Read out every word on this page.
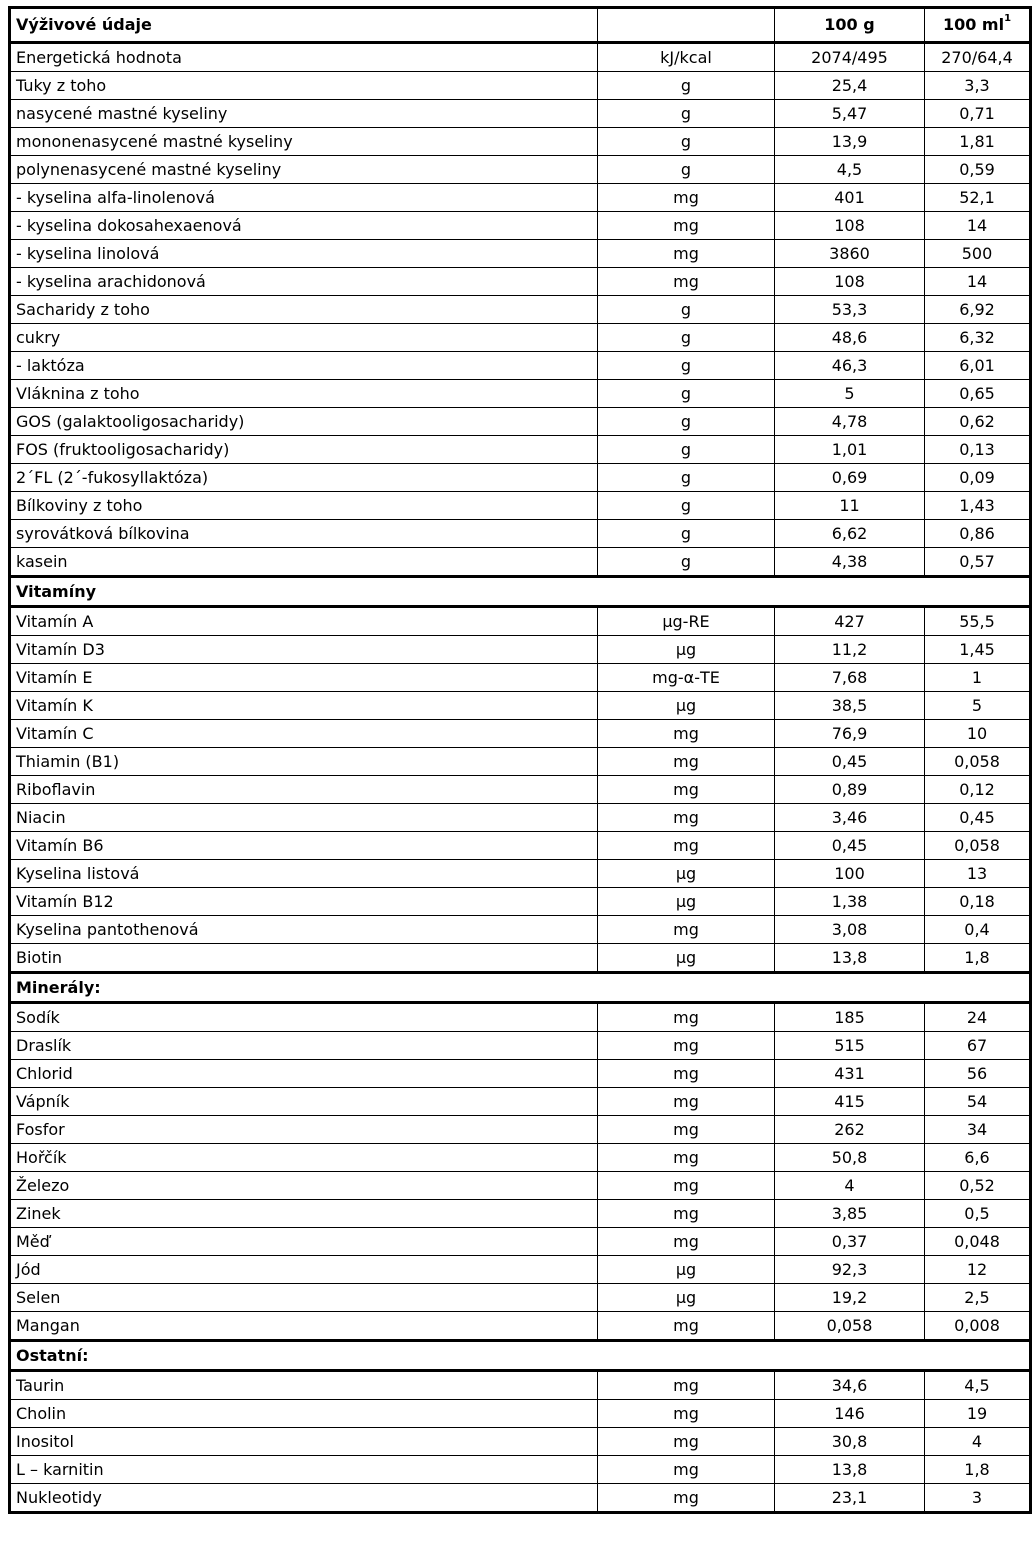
Výživové údaje		100 g	100 $ml^1$
Energetická hodnota	kJ/kcal	2074/495	270/64,4
Tuky z toho	g	25,4	3,3
nasycené mastné kyseliny	g	5,47	0,71
mononenasycené mastné kyseliny	g	13,9	1,81
polynenasycené mastné kyseliny	g	4,5	0,59
- kyselina alfa-linolenová	mg	401	52,1
- kyselina dokosahexaenová	mg	108	14
- kyselina linolová	mg	3860	500
- kyselina arachidonová	mg	108	14
Sacharidy z toho	g	53,3	6,92
cukry	g	48,6	6,32
- laktóza	g	46,3	6,01
Vláknina z toho	g	5	0,65
GOS (galaktooligosacharidy)	g	4,78	0,62
FOS (fruktooligosacharidy)	g	1,01	0,13
2´FL (2´-fukosyllaktóza)	g	0,69	0,09
Bílkoviny z toho	g	11	1,43
syrovátková bílkovina	g	6,62	0,86
kasein	g	4,38	0,57
Vitamíny			
Vitamín A	µg-RE	427	55,5
Vitamín D3	µg	11,2	1,45
Vitamín E	mg-α-TE	7,68	1
Vitamín K	µg	38,5	5
Vitamín C	mg	76,9	10
Thiamin (B1)	mg	0,45	0,058
Riboflavin	mg	0,89	0,12
Niacin	mg	3,46	0,45
Vitamín B6	mg	0,45	0,058
Kyselina listová	µg	100	13
Vitamín B12	µg	1,38	0,18
Kyselina pantothenová	mg	3,08	0,4
Biotin	µg	13,8	1,8
Minerály:			
Sodík	mg	185	24
Draslík	mg	515	67
Chlorid	mg	431	56
Vápník	mg	415	54
Fosfor	mg	262	34
Hořčík	mg	50,8	6,6
Železo	mg	4	0,52
Zinek	mg	3,85	0,5
Měď	mg	0,37	0,048
Jód	µg	92,3	12
Selen	µg	19,2	2,5
Mangan	mg	0,058	0,008
Ostatní:			
Taurin	mg	34,6	4,5
Cholin	mg	146	19
Inositol	mg	30,8	4
L – karnitin	mg	13,8	1,8
Nukleotidy	mg	23,1	3
